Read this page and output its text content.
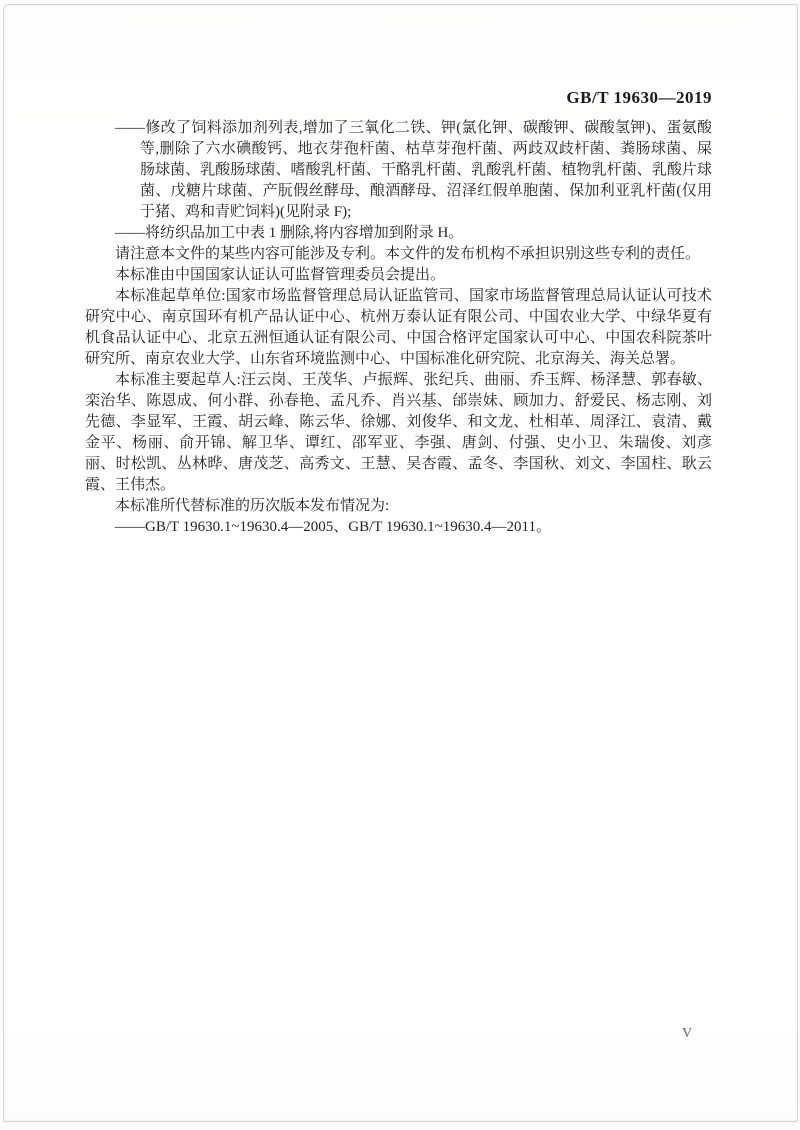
GB/T 19630—2019

——修改了饲料添加剂列表,增加了三氧化二铁、钾(氯化钾、碳酸钾、碳酸氢钾)、蛋氨酸等,删除了六水碘酸钙、地衣芽孢杆菌、枯草芽孢杆菌、两歧双歧杆菌、粪肠球菌、屎肠球菌、乳酸肠球菌、嗜酸乳杆菌、干酪乳杆菌、乳酸乳杆菌、植物乳杆菌、乳酸片球菌、戊糖片球菌、产朊假丝酵母、酿酒酵母、沼泽红假单胞菌、保加利亚乳杆菌(仅用于猪、鸡和青贮饲料)(见附录 F);

——将纺织品加工中表 1 删除,将内容增加到附录 H。

请注意本文件的某些内容可能涉及专利。本文件的发布机构不承担识别这些专利的责任。

本标准由中国国家认证认可监督管理委员会提出。

本标准起草单位:国家市场监督管理总局认证监管司、国家市场监督管理总局认证认可技术研究中心、南京国环有机产品认证中心、杭州万泰认证有限公司、中国农业大学、中绿华夏有机食品认证中心、北京五洲恒通认证有限公司、中国合格评定国家认可中心、中国农科院茶叶研究所、南京农业大学、山东省环境监测中心、中国标准化研究院、北京海关、海关总署。

本标准主要起草人:汪云岗、王茂华、卢振辉、张纪兵、曲丽、乔玉辉、杨泽慧、郭春敏、栾治华、陈恩成、何小群、孙春艳、孟凡乔、肖兴基、邰崇妹、顾加力、舒爱民、杨志刚、刘先德、李显军、王霞、胡云峰、陈云华、徐娜、刘俊华、和文龙、杜相革、周泽江、袁清、戴金平、杨丽、俞开锦、解卫华、谭红、邵军亚、李强、唐剑、付强、史小卫、朱瑞俊、刘彦丽、时松凯、丛林晔、唐茂芝、高秀文、王慧、吴杏霞、孟冬、李国秋、刘文、李国柱、耿云霞、王伟杰。

本标准所代替标准的历次版本发布情况为:

——GB/T 19630.1~19630.4—2005、GB/T 19630.1~19630.4—2011。

V
